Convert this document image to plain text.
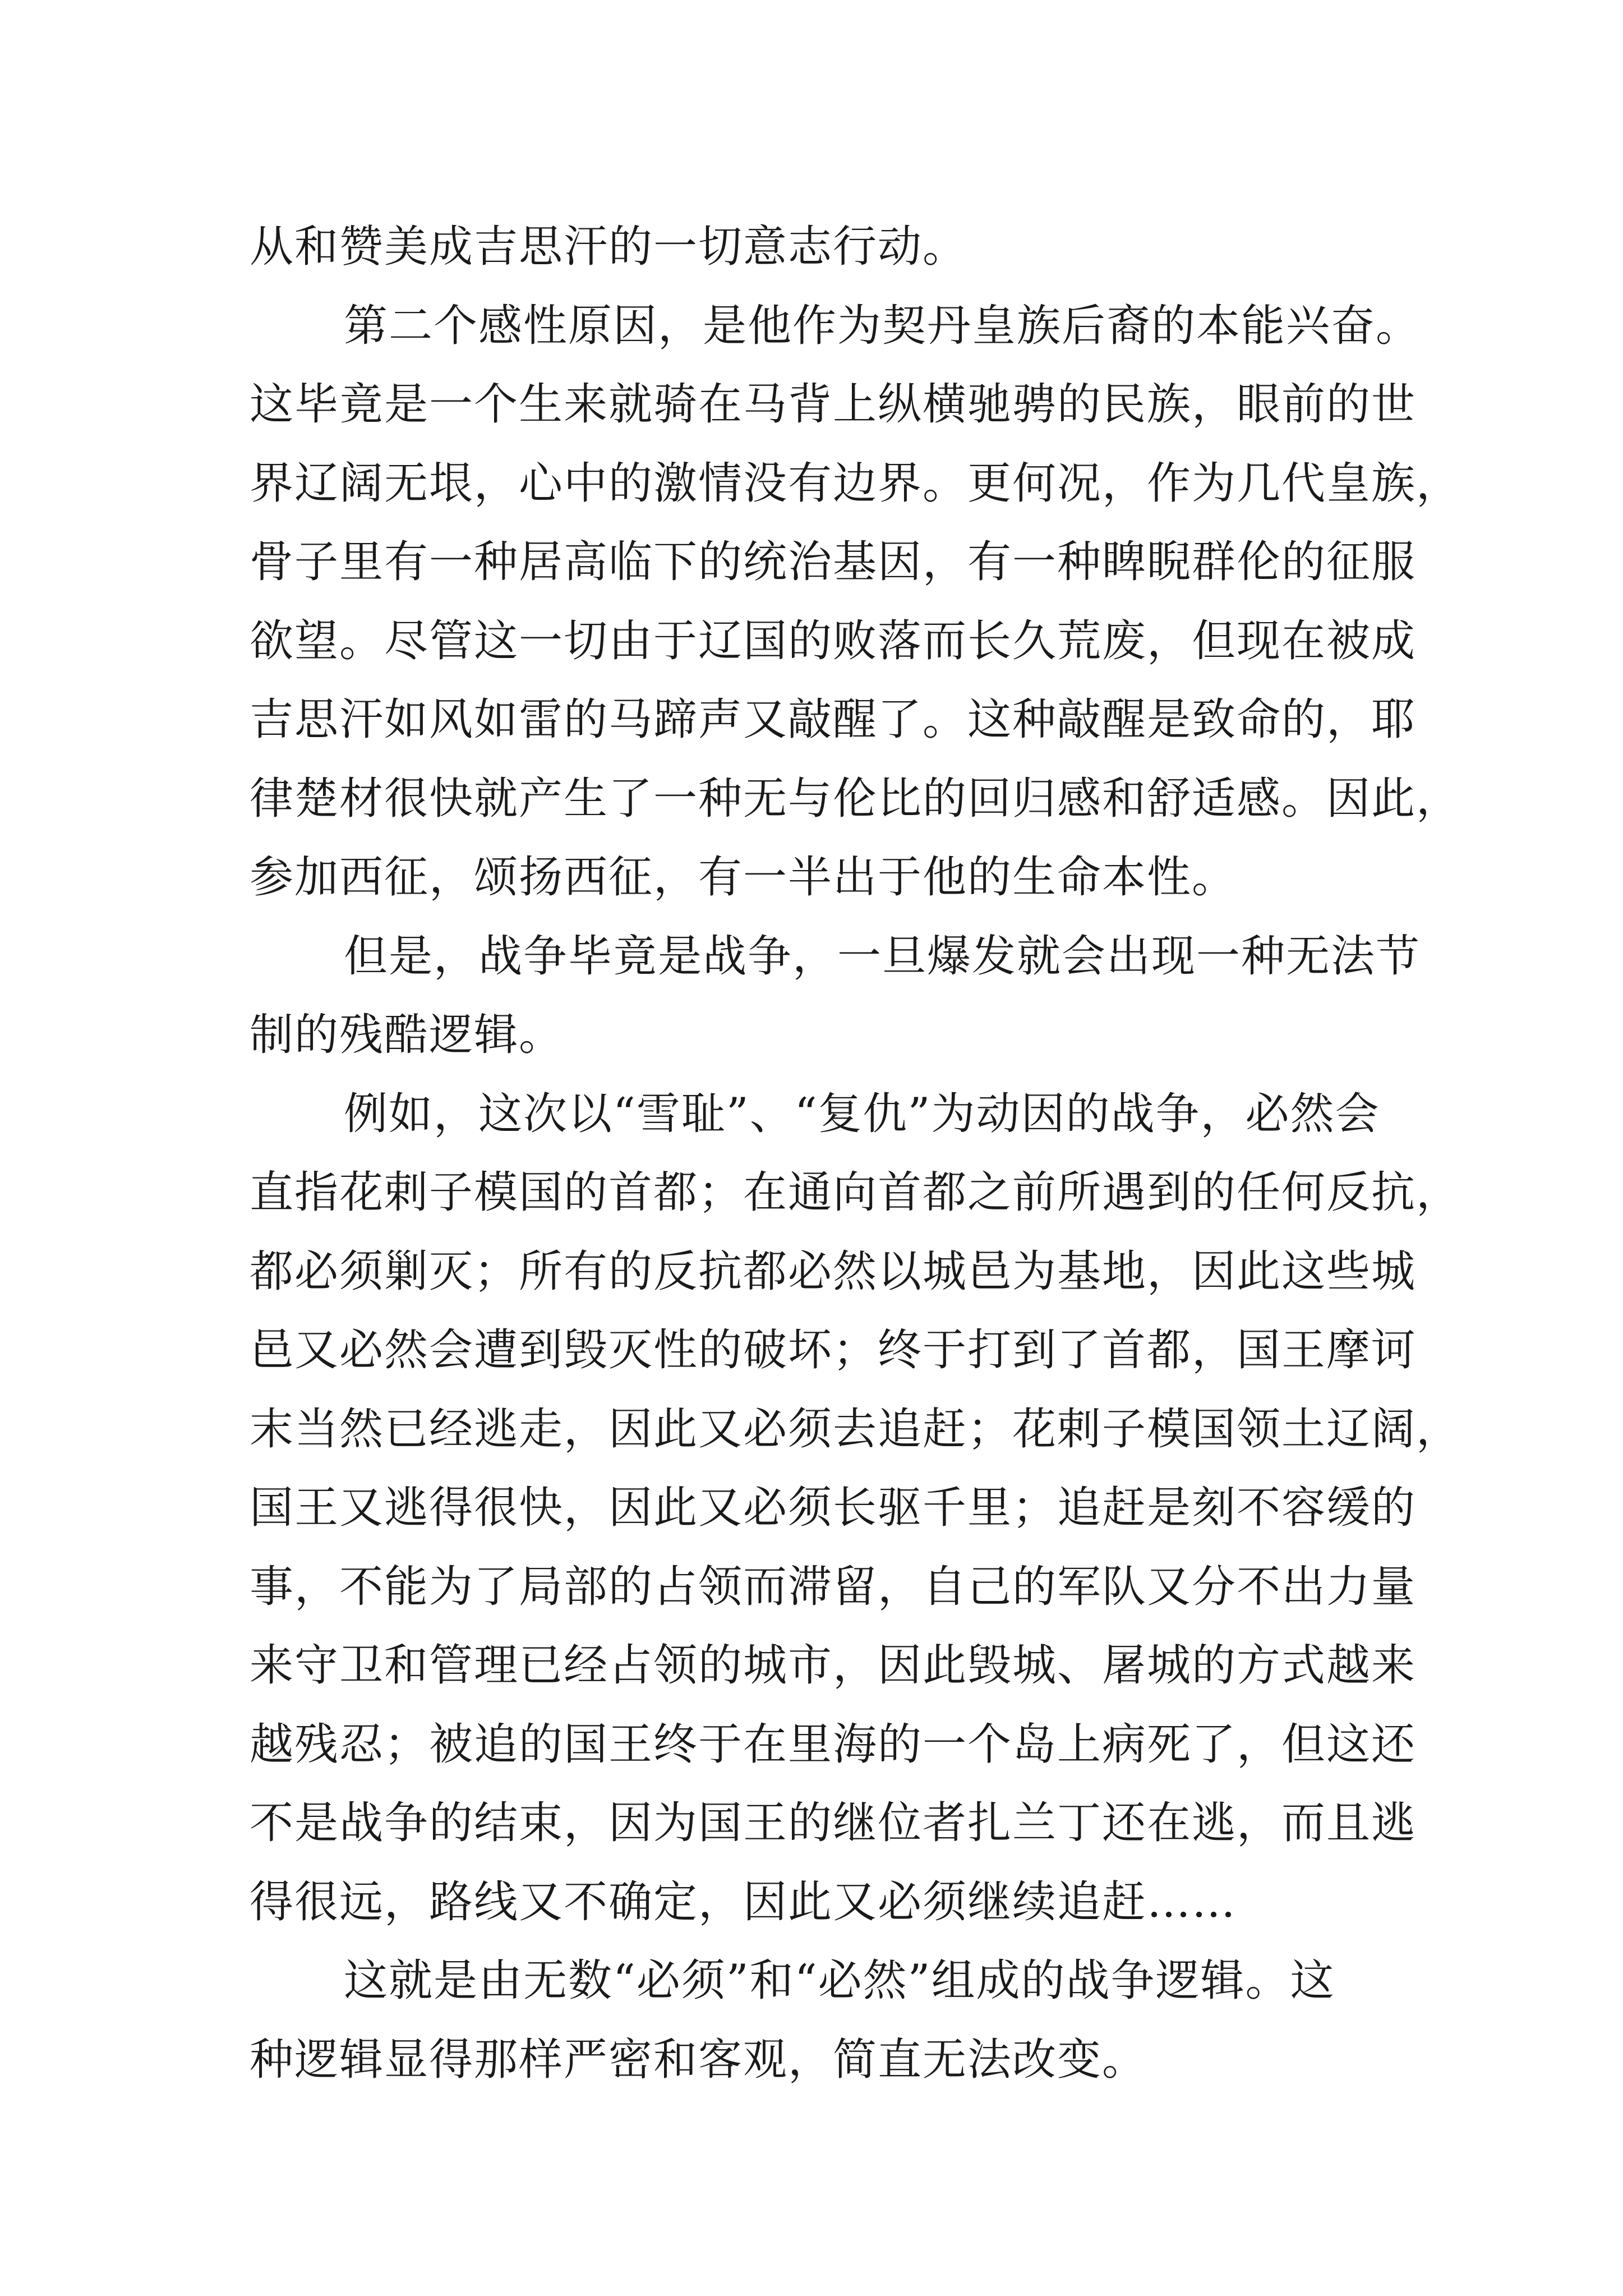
从和赞美成吉思汗的一切意志行动。
第二个感性原因，是他作为契丹皇族后裔的本能兴奋。
这毕竟是一个生来就骑在马背上纵横驰骋的民族，眼前的世
界辽阔无垠，心中的激情没有边界。更何况，作为几代皇族，
骨子里有一种居高临下的统治基因，有一种睥睨群伦的征服
欲望。尽管这一切由于辽国的败落而长久荒废，但现在被成
吉思汗如风如雷的马蹄声又敲醒了。这种敲醒是致命的，耶
律楚材很快就产生了一种无与伦比的回归感和舒适感。因此，
参加西征，颂扬西征，有一半出于他的生命本性。
但是，战争毕竟是战争，一旦爆发就会出现一种无法节
制的残酷逻辑。
例如，这次以“雪耻”、“复仇”为动因的战争，必然会
直指花剌子模国的首都；在通向首都之前所遇到的任何反抗，
都必须剿灭；所有的反抗都必然以城邑为基地，因此这些城
邑又必然会遭到毁灭性的破坏；终于打到了首都，国王摩诃
末当然已经逃走，因此又必须去追赶；花剌子模国领土辽阔，
国王又逃得很快，因此又必须长驱千里；追赶是刻不容缓的
事，不能为了局部的占领而滞留，自己的军队又分不出力量
来守卫和管理已经占领的城市，因此毁城、屠城的方式越来
越残忍；被追的国王终于在里海的一个岛上病死了，但这还
不是战争的结束，因为国王的继位者扎兰丁还在逃，而且逃
得很远，路线又不确定，因此又必须继续追赶……
这就是由无数“必须”和“必然”组成的战争逻辑。这
种逻辑显得那样严密和客观，简直无法改变。
